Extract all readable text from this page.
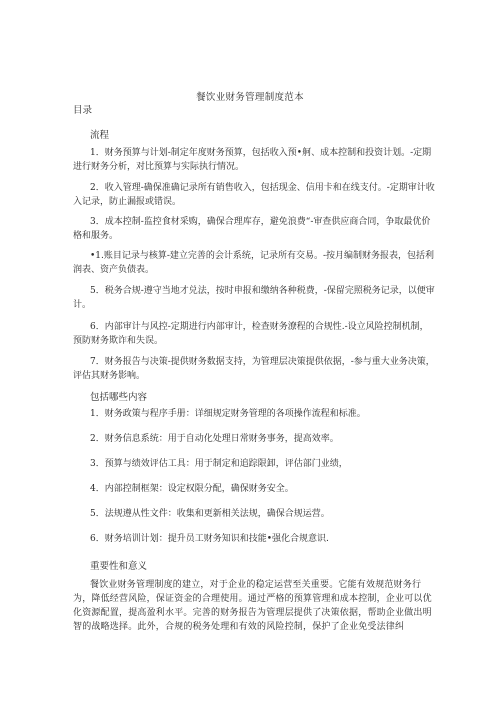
餐饮业财务管理制度范本
目录
流程
1．财务预算与计划-制定年度财务预算，包括收入预•舸、成本控制和投资计划。-定期进行财务分析，对比预算与实际执行情况。
2．收入管理-确保准确记录所有销售收入，包括现金、信用卡和在线支付。-定期审计收入记录，防止漏报或错误。
3．成本控制-监控食材采购，确保合理库存，避免浪费“-审查供应商合同，争取最优价格和服务。
•1.账目记录与核算-建立完善的会计系统，记录所有交易。-按月编制财务报表，包括利润表、资产负债表。
5．税务合规-遵守当地才兑法，按时申报和缴纳各种税费，-保留完照税务记录，以便审计。
6．内部审计与风控-定期进行内部审计，检查财务潦程的合规性.-设立风险控制机制，预防财务欺诈和失误。
7．财务报告与决策-提供财务数据支持，为管理层决策提供依据，-参与重大业务决策，评估其财务影响。
包括哪些内容
1．财务政策与程序手册：详细规定财务管理的各项操作流程和标准。
2．财务信息系统：用于自动化处理日常财务事务，提高效率。
3．预算与绩效评估工具：用于制定和追踪限卸，评估部门业绩，
4．内部控制框架：设定权限分配，确保财务安全。
5．法规遵从性文件：收集和更新相关法规，确保合规运营。
6．财务培训计划：提升员工财务知识和技能•强化合规意识.
重要性和意义
餐饮业财务管理制度的建立，对于企业的稳定运营至关重要。它能有效规范财务行为，降低经营风险，保证资金的合理使用。通过严格的预算管理和成本控制，企业可以优化资源配置，提高盈利水平。完善的财务报告为管理层提供了决策依据，帮助企业做出明智的战略选择。此外，合规的税务处理和有效的风险控制，保护了企业免受法律纠
